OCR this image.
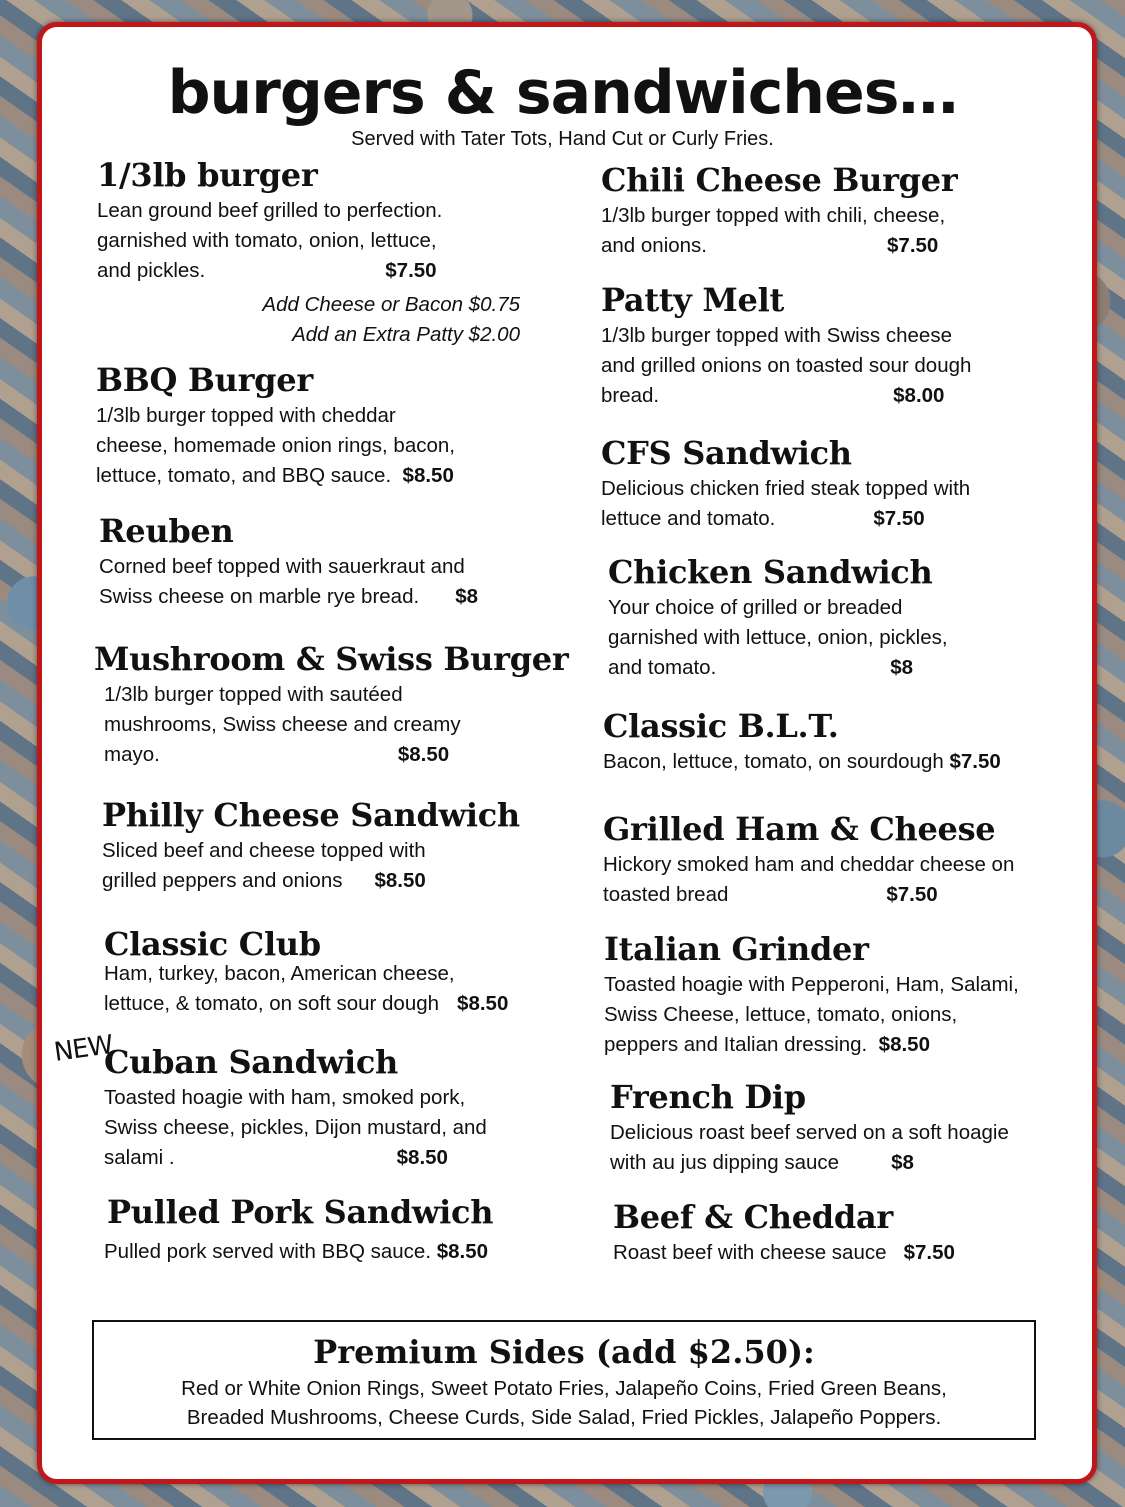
burgers & sandwiches…
Served with Tater Tots, Hand Cut or Curly Fries.
1/3lb burger

Lean ground beef grilled to perfection.
garnished with tomato, onion, lettuce,
and pickles.	$7.50

Add Cheese or Bacon $0.75
Add an Extra Patty $2.00
BBQ Burger

1/3lb burger topped with cheddar
cheese, homemade onion rings, bacon,
lettuce, tomato, and BBQ sauce. $8.50

Reuben

Corned beef topped with sauerkraut and
Swiss cheese on marble rye bread. $8

Mushroom & Swiss Burger

1/3lb burger topped with sautéed
mushrooms, Swiss cheese and creamy
mayo.	$8.50

Philly Cheese Sandwich

Sliced beef and cheese topped with
grilled peppers and onions $8.50

Classic Club

Ham, turkey, bacon, American cheese,
lettuce, & tomato, on soft sour dough $8.50

NEW
Cuban Sandwich

Toasted hoagie with ham, smoked pork,
Swiss cheese, pickles, Dijon mustard, and
salami .	$8.50

Pulled Pork Sandwich

Pulled pork served with BBQ sauce. $8.50

Chili Cheese Burger

1/3lb burger topped with chili, cheese,
and onions.	$7.50

Patty Melt

1/3lb burger topped with Swiss cheese
and grilled onions on toasted sour dough
bread.	$8.00

CFS Sandwich

Delicious chicken fried steak topped with
lettuce and tomato.	$7.50

Chicken Sandwich

Your choice of grilled or breaded
garnished with lettuce, onion, pickles,
and tomato.	$8

Classic B.L.T.

Bacon, lettuce, tomato, on sourdough $7.50

Grilled Ham & Cheese

Hickory smoked ham and cheddar cheese on
toasted bread	$7.50

Italian Grinder

Toasted hoagie with Pepperoni, Ham, Salami,
Swiss Cheese, lettuce, tomato, onions,
peppers and Italian dressing. $8.50

French Dip

Delicious roast beef served on a soft hoagie
with au jus dipping sauce	$8

Beef & Cheddar

Roast beef with cheese sauce $7.50

Premium Sides (add $2.50):

Red or White Onion Rings, Sweet Potato Fries, Jalapeño Coins, Fried Green Beans,
Breaded Mushrooms, Cheese Curds, Side Salad, Fried Pickles, Jalapeño Poppers.
